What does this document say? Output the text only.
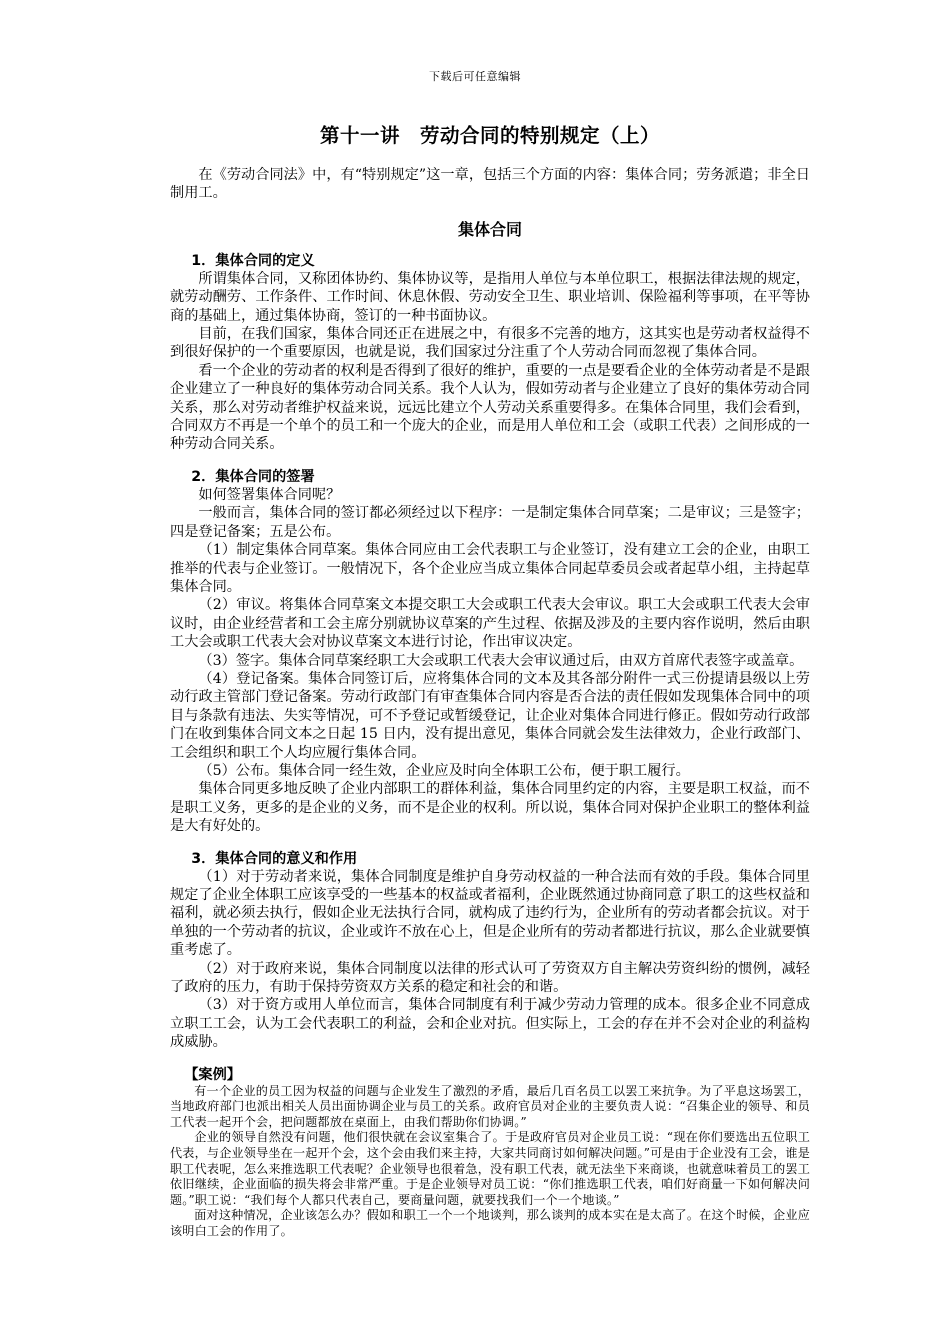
下载后可任意编辑
第十一讲　劳动合同的特别规定（上）

在《劳动合同法》中，有“特别规定”这一章，包括三个方面的内容：集体合同；劳务派遣；非全日制用工。

集体合同
1．集体合同的定义

所谓集体合同，又称团体协约、集体协议等，是指用人单位与本单位职工，根据法律法规的规定，就劳动酬劳、工作条件、工作时间、休息休假、劳动安全卫生、职业培训、保险福利等事项，在平等协商的基础上，通过集体协商，签订的一种书面协议。

目前，在我们国家，集体合同还正在进展之中，有很多不完善的地方，这其实也是劳动者权益得不到很好保护的一个重要原因，也就是说，我们国家过分注重了个人劳动合同而忽视了集体合同。

看一个企业的劳动者的权利是否得到了很好的维护，重要的一点是要看企业的全体劳动者是不是跟企业建立了一种良好的集体劳动合同关系。我个人认为，假如劳动者与企业建立了良好的集体劳动合同关系，那么对劳动者维护权益来说，远远比建立个人劳动关系重要得多。在集体合同里，我们会看到，合同双方不再是一个单个的员工和一个庞大的企业，而是用人单位和工会（或职工代表）之间形成的一种劳动合同关系。

2．集体合同的签署

如何签署集体合同呢？

一般而言，集体合同的签订都必须经过以下程序：一是制定集体合同草案；二是审议；三是签字；四是登记备案；五是公布。

（1）制定集体合同草案。集体合同应由工会代表职工与企业签订，没有建立工会的企业，由职工推举的代表与企业签订。一般情况下，各个企业应当成立集体合同起草委员会或者起草小组，主持起草集体合同。

（2）审议。将集体合同草案文本提交职工大会或职工代表大会审议。职工大会或职工代表大会审议时，由企业经营者和工会主席分别就协议草案的产生过程、依据及涉及的主要内容作说明，然后由职工大会或职工代表大会对协议草案文本进行讨论，作出审议决定。

（3）签字。集体合同草案经职工大会或职工代表大会审议通过后，由双方首席代表签字或盖章。

（4）登记备案。集体合同签订后，应将集体合同的文本及其各部分附件一式三份提请县级以上劳动行政主管部门登记备案。劳动行政部门有审查集体合同内容是否合法的责任假如发现集体合同中的项目与条款有违法、失实等情况，可不予登记或暂缓登记，让企业对集体合同进行修正。假如劳动行政部门在收到集体合同文本之日起 15 日内，没有提出意见，集体合同就会发生法律效力，企业行政部门、工会组织和职工个人均应履行集体合同。

（5）公布。集体合同一经生效，企业应及时向全体职工公布，便于职工履行。

集体合同更多地反映了企业内部职工的群体利益，集体合同里约定的内容，主要是职工权益，而不是职工义务，更多的是企业的义务，而不是企业的权利。所以说，集体合同对保护企业职工的整体利益是大有好处的。

3．集体合同的意义和作用

（1）对于劳动者来说，集体合同制度是维护自身劳动权益的一种合法而有效的手段。集体合同里规定了企业全体职工应该享受的一些基本的权益或者福利，企业既然通过协商同意了职工的这些权益和福利，就必须去执行，假如企业无法执行合同，就构成了违约行为，企业所有的劳动者都会抗议。对于单独的一个劳动者的抗议，企业或许不放在心上，但是企业所有的劳动者都进行抗议，那么企业就要慎重考虑了。

（2）对于政府来说，集体合同制度以法律的形式认可了劳资双方自主解决劳资纠纷的惯例，减轻了政府的压力，有助于保持劳资双方关系的稳定和社会的和谐。

（3）对于资方或用人单位而言，集体合同制度有利于减少劳动力管理的成本。很多企业不同意成立职工工会，认为工会代表职工的利益，会和企业对抗。但实际上，工会的存在并不会对企业的利益构成威胁。

【案例】

有一个企业的员工因为权益的问题与企业发生了激烈的矛盾，最后几百名员工以罢工来抗争。为了平息这场罢工，当地政府部门也派出相关人员出面协调企业与员工的关系。政府官员对企业的主要负责人说：“召集企业的领导、和员工代表一起开个会，把问题都放在桌面上，由我们帮助你们协调。”

企业的领导自然没有问题，他们很快就在会议室集合了。于是政府官员对企业员工说：“现在你们要选出五位职工代表，与企业领导坐在一起开个会，这个会由我们来主持，大家共同商讨如何解决问题。”可是由于企业没有工会，谁是职工代表呢，怎么来推选职工代表呢？企业领导也很着急，没有职工代表，就无法坐下来商谈，也就意味着员工的罢工依旧继续，企业面临的损失将会非常严重。于是企业领导对员工说：“你们推选职工代表，咱们好商量一下如何解决问题。”职工说：“我们每个人都只代表自己，要商量问题，就要找我们一个一个地谈。”

面对这种情况，企业该怎么办？假如和职工一个一个地谈判，那么谈判的成本实在是太高了。在这个时候，企业应该明白工会的作用了。
